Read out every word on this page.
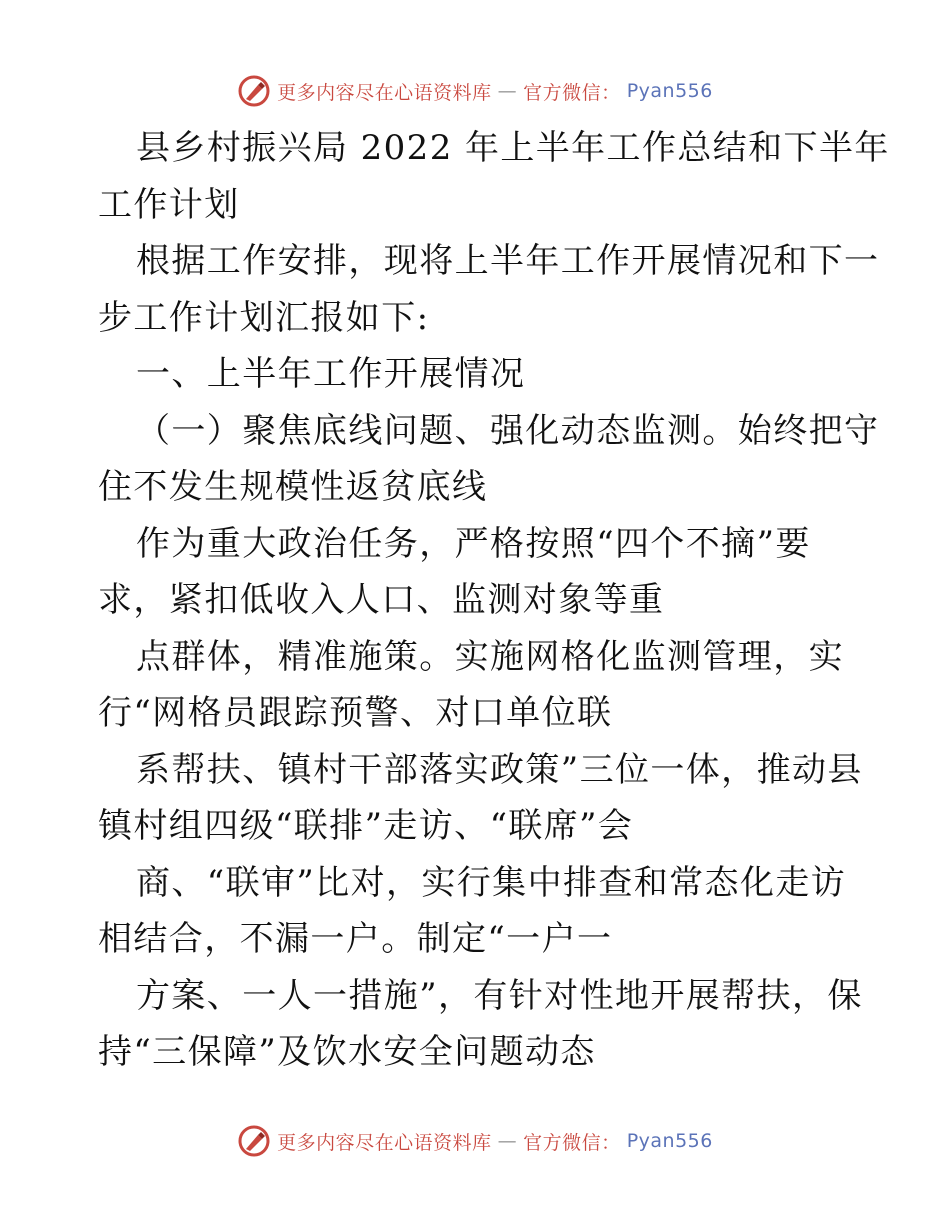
更多内容尽在心语资料库 — 官方微信： Pyan556
县乡村振兴局 2022 年上半年工作总结和下半年
工作计划
根据工作安排，现将上半年工作开展情况和下一
步工作计划汇报如下:
一、上半年工作开展情况
（一）聚焦底线问题、强化动态监测。始终把守
住不发生规模性返贫底线
作为重大政治任务，严格按照“四个不摘”要
求，紧扣低收入人口、监测对象等重
点群体，精准施策。实施网格化监测管理，实
行“网格员跟踪预警、对口单位联
系帮扶、镇村干部落实政策”三位一体，推动县
镇村组四级“联排”走访、“联席”会
商、“联审”比对，实行集中排查和常态化走访
相结合，不漏一户。制定“一户一
方案、一人一措施”，有针对性地开展帮扶，保
持“三保障”及饮水安全问题动态
更多内容尽在心语资料库 — 官方微信： Pyan556
